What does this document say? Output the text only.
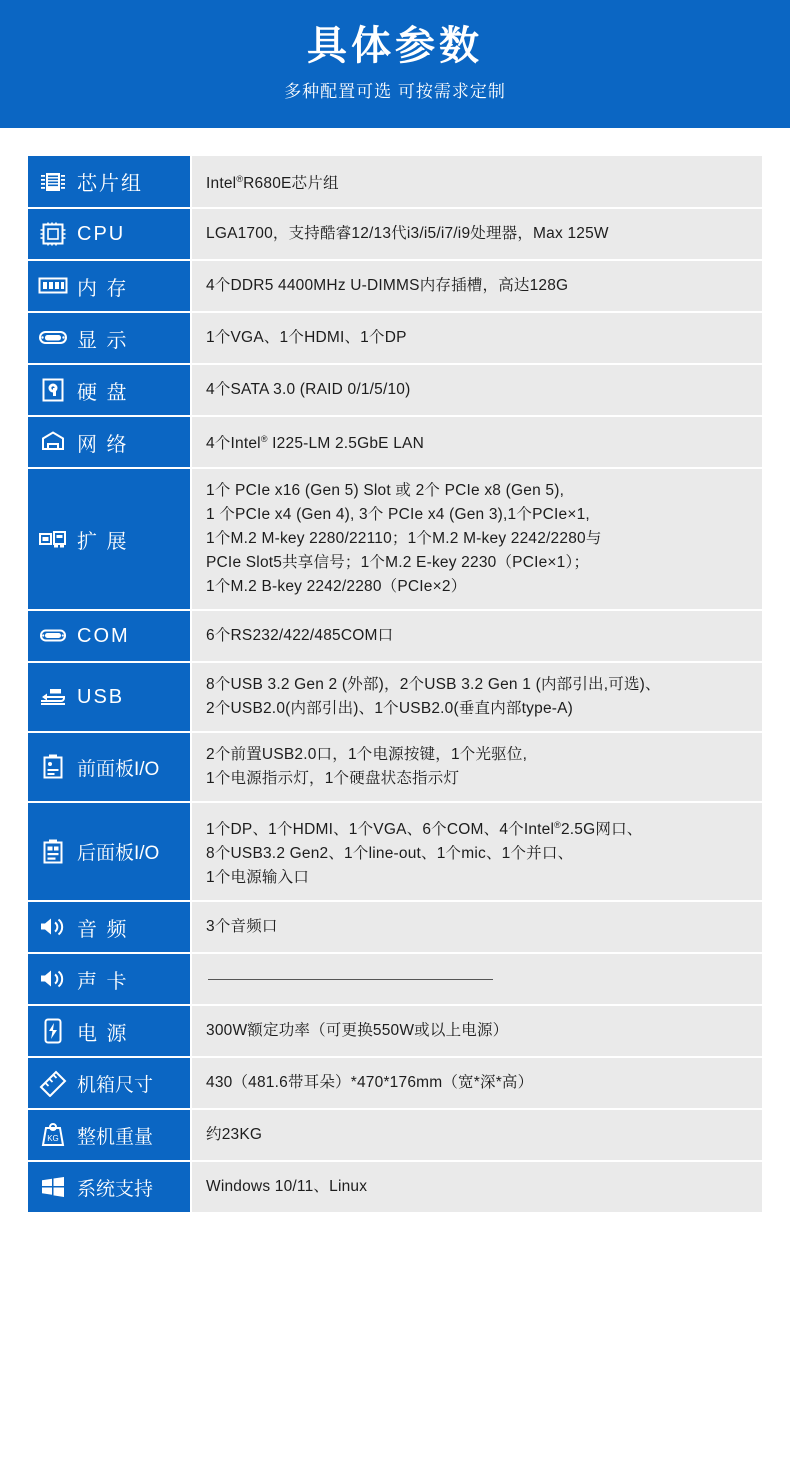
具体参数
多种配置可选 可按需求定制
芯片组	Intel®R680E芯片组

CPU	LGA1700，支持酷睿12/13代i3/i5/i7/i9处理器，Max 125W

内 存	4个DDR5 4400MHz U-DIMMS内存插槽，高达128G

显 示	1个VGA、1个HDMI、1个DP

硬 盘	4个SATA 3.0 (RAID 0/1/5/10)

网 络	4个Intel® I225-LM 2.5GbE LAN

扩 展	1个 PCIe x16 (Gen 5) Slot 或 2个 PCIe x8 (Gen 5),
1 个PCIe x4 (Gen 4), 3个 PCIe x4 (Gen 3),1个PCIe×1,
1个M.2 M-key 2280/22110；1个M.2 M-key 2242/2280与
PCIe Slot5共享信号；1个M.2 E-key 2230（PCIe×1）；
1个M.2 B-key 2242/2280（PCIe×2）

COM	6个RS232/422/485COM口

USB	8个USB 3.2 Gen 2 (外部)，2个USB 3.2 Gen 1 (内部引出,可选)、
2个USB2.0(内部引出)、1个USB2.0(垂直内部type-A)

前面板I/O	2个前置USB2.0口，1个电源按键，1个光驱位,
1个电源指示灯，1个硬盘状态指示灯

后面板I/O	1个DP、1个HDMI、1个VGA、6个COM、4个Intel®2.5G网口、
8个USB3.2 Gen2、1个line-out、1个mic、1个并口、
1个电源输入口

音 频	3个音频口

声 卡	

电 源	300W额定功率（可更换550W或以上电源）

机箱尺寸	430（481.6带耳朵）*470*176mm（宽*深*高）

KG 整机重量	约23KG

系统支持	Windows 10/11、Linux
